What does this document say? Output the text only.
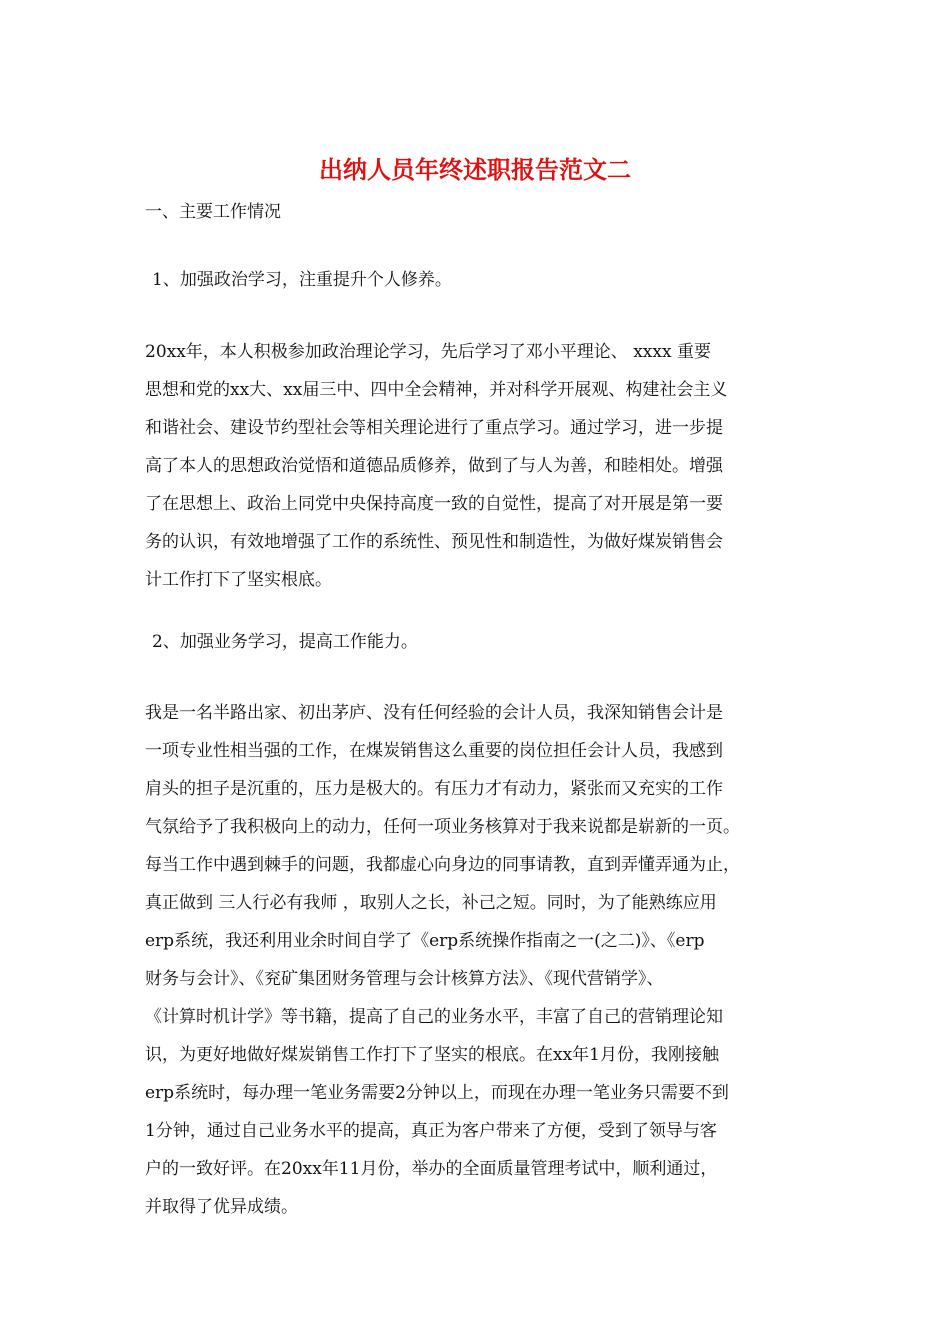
出纳人员年终述职报告范文二
一、主要工作情况
1、加强政治学习，注重提升个人修养。
20xx年，本人积极参加政治理论学习，先后学习了邓小平理论、 xxxx 重要
思想和党的xx大、xx届三中、四中全会精神，并对科学开展观、构建社会主义
和谐社会、建设节约型社会等相关理论进行了重点学习。通过学习，进一步提
高了本人的思想政治觉悟和道德品质修养，做到了与人为善，和睦相处。增强
了在思想上、政治上同党中央保持高度一致的自觉性，提高了对开展是第一要
务的认识，有效地增强了工作的系统性、预见性和制造性，为做好煤炭销售会
计工作打下了坚实根底。
2、加强业务学习，提高工作能力。
我是一名半路出家、初出茅庐、没有任何经验的会计人员，我深知销售会计是
一项专业性相当强的工作，在煤炭销售这么重要的岗位担任会计人员，我感到
肩头的担子是沉重的，压力是极大的。有压力才有动力，紧张而又充实的工作
气氛给予了我积极向上的动力，任何一项业务核算对于我来说都是崭新的一页。
每当工作中遇到棘手的问题，我都虚心向身边的同事请教，直到弄懂弄通为止，
真正做到 三人行必有我师 ，取别人之长，补己之短。同时，为了能熟练应用
erp系统，我还利用业余时间自学了《erp系统操作指南之一(之二)》、《erp
财务与会计》、《兖矿集团财务管理与会计核算方法》、《现代营销学》、
《计算时机计学》等书籍，提高了自己的业务水平，丰富了自己的营销理论知
识，为更好地做好煤炭销售工作打下了坚实的根底。在xx年1月份，我刚接触
erp系统时，每办理一笔业务需要2分钟以上，而现在办理一笔业务只需要不到
1分钟，通过自己业务水平的提高，真正为客户带来了方便，受到了领导与客
户的一致好评。在20xx年11月份，举办的全面质量管理考试中，顺利通过，
并取得了优异成绩。
